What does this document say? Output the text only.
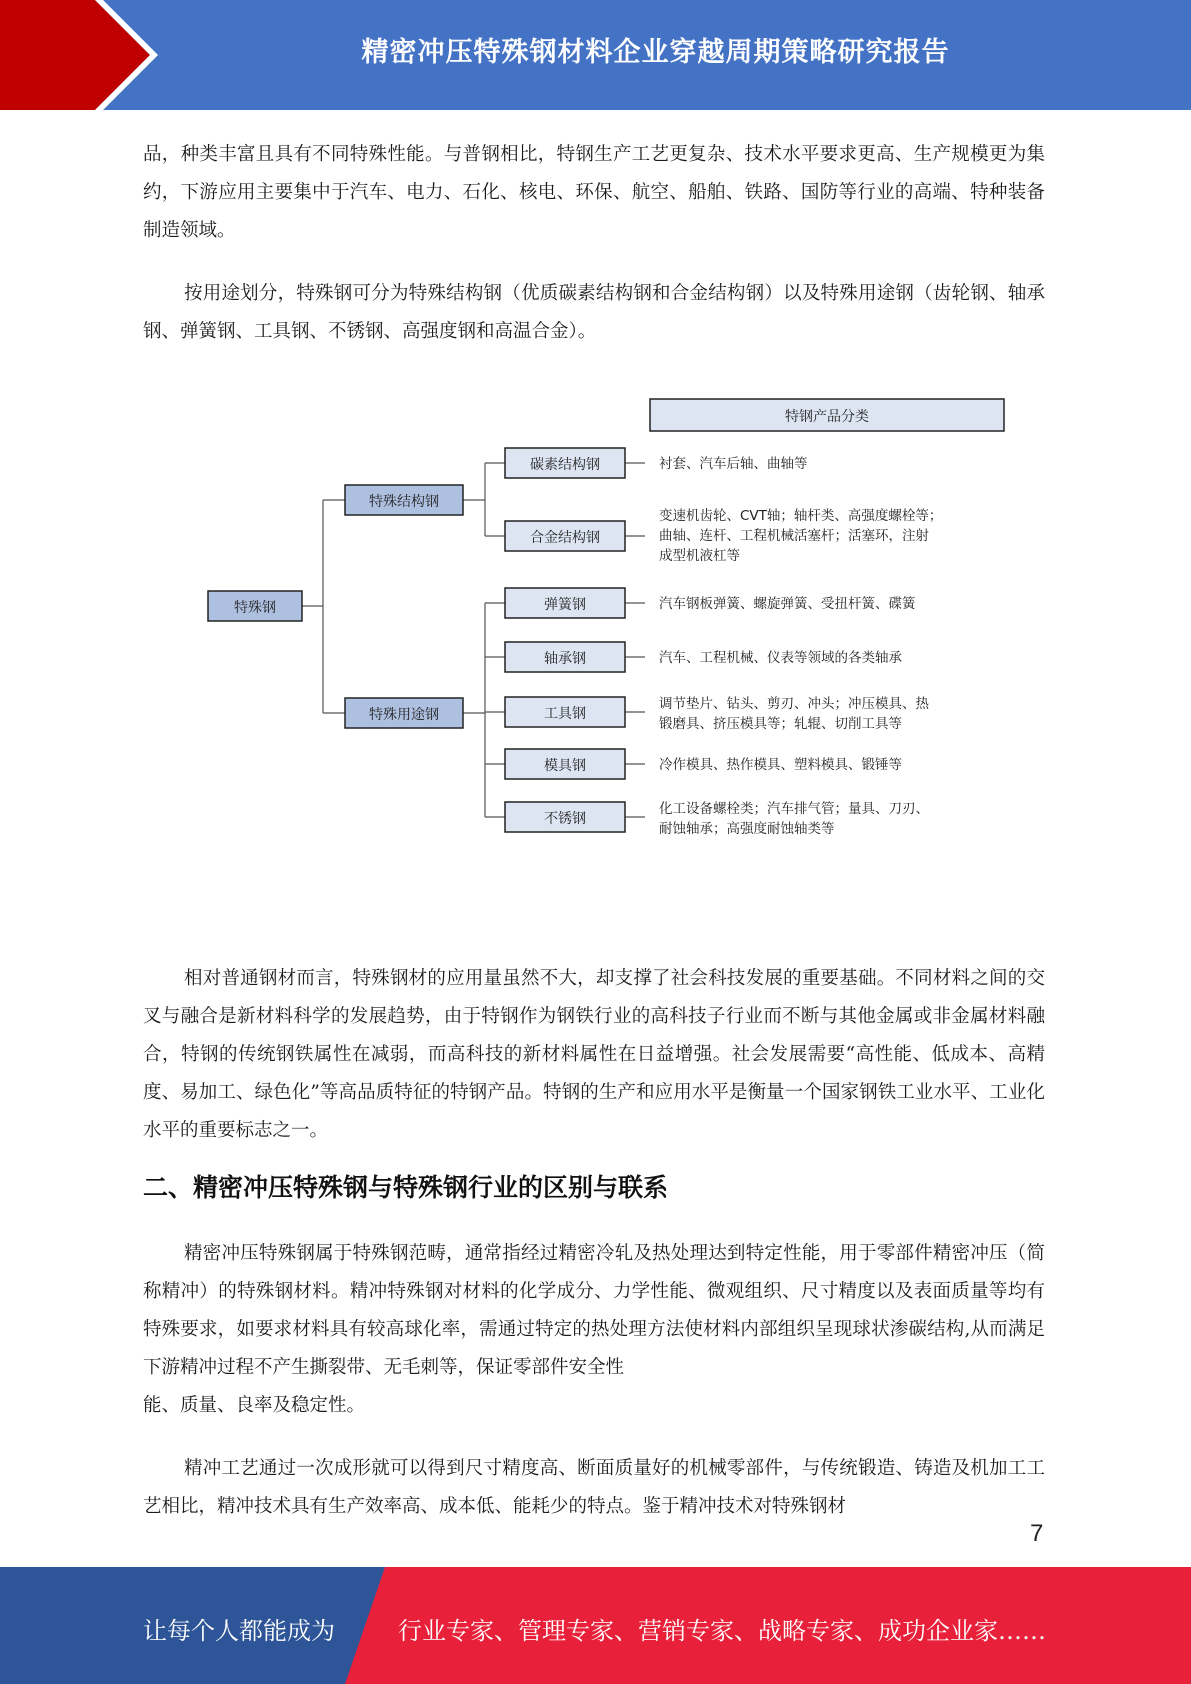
精密冲压特殊钢材料企业穿越周期策略研究报告

品，种类丰富且具有不同特殊性能。与普钢相比，特钢生产工艺更复杂、技术水平要求更高、生产规模更为集约，下游应用主要集中于汽车、电力、石化、核电、环保、航空、船舶、铁路、国防等行业的高端、特种装备制造领域。

按用途划分，特殊钢可分为特殊结构钢（优质碳素结构钢和合金结构钢）以及特殊用途钢（齿轮钢、轴承钢、弹簧钢、工具钢、不锈钢、高强度钢和高温合金）。

特钢产品分类
特殊钢
特殊结构钢
特殊用途钢
碳素结构钢
合金结构钢
弹簧钢
轴承钢
工具钢
模具钢
不锈钢
衬套、汽车后轴、曲轴等
变速机齿轮、CVT轴；轴杆类、高强度螺栓等；
曲轴、连杆、工程机械活塞杆；活塞环，注射
成型机液杠等
汽车钢板弹簧、螺旋弹簧、受扭杆簧、碟簧
汽车、工程机械、仪表等领域的各类轴承
调节垫片、钻头、剪刃、冲头；冲压模具、热
锻磨具、挤压模具等；轧辊、切削工具等
冷作模具、热作模具、塑料模具、锻锤等
化工设备螺栓类；汽车排气管；量具、刀刃、
耐蚀轴承；高强度耐蚀轴类等

相对普通钢材而言，特殊钢材的应用量虽然不大，却支撑了社会科技发展的重要基础。不同材料之间的交叉与融合是新材料科学的发展趋势，由于特钢作为钢铁行业的高科技子行业而不断与其他金属或非金属材料融合，特钢的传统钢铁属性在减弱，而高科技的新材料属性在日益增强。社会发展需要“高性能、低成本、高精度、易加工、绿色化”等高品质特征的特钢产品。特钢的生产和应用水平是衡量一个国家钢铁工业水平、工业化水平的重要标志之一。

二、精密冲压特殊钢与特殊钢行业的区别与联系

精密冲压特殊钢属于特殊钢范畴，通常指经过精密冷轧及热处理达到特定性能，用于零部件精密冲压（简称精冲）的特殊钢材料。精冲特殊钢对材料的化学成分、力学性能、微观组织、尺寸精度以及表面质量等均有特殊要求，如要求材料具有较高球化率，需通过特定的热处理方法使材料内部组织呈现球状渗碳结构,从而满足下游精冲过程不产生撕裂带、无毛刺等，保证零部件安全性

能、质量、良率及稳定性。

精冲工艺通过一次成形就可以得到尺寸精度高、断面质量好的机械零部件，与传统锻造、铸造及机加工工艺相比，精冲技术具有生产效率高、成本低、能耗少的特点。鉴于精冲技术对特殊钢材

7
让每个人都能成为	行业专家、管理专家、营销专家、战略专家、成功企业家……
